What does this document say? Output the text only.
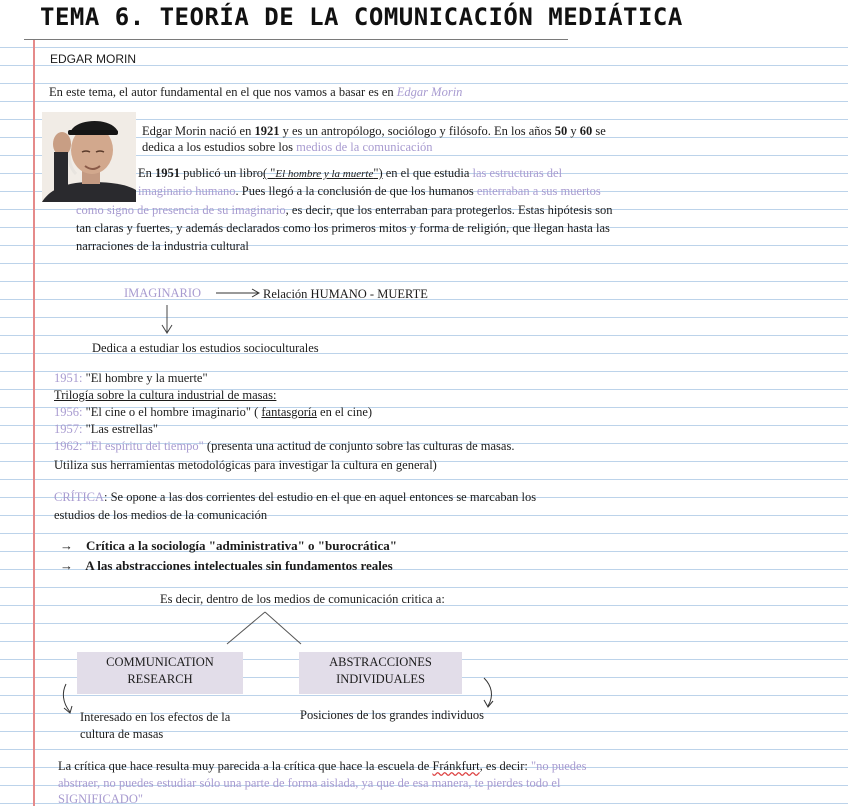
TEMA 6. TEORÍA DE LA COMUNICACIÓN MEDIÁTICA
EDGAR MORIN
En este tema, el autor fundamental en el que nos vamos a basar es en Edgar Morin
Edgar Morin nació en 1921 y es un antropólogo, sociólogo y filósofo. En los años 50 y 60 se
dedica a los estudios sobre los medios de la comunicación
En 1951 publicó un libro( "El hombre y la muerte") en el que estudia las estructuras del
imaginario humano. Pues llegó a la conclusión de que los humanos enterraban a sus muertos
como signo de presencia de su imaginario, es decir, que los enterraban para protegerlos. Estas hipótesis son
tan claras y fuertes, y además declarados como los primeros mitos y forma de religión, que llegan hasta las
narraciones de la industria cultural
IMAGINARIO	Relación HUMANO - MUERTE
Dedica a estudiar los estudios socioculturales
1951: "El hombre y la muerte"
Trilogía sobre la cultura industrial de masas:
1956: "El cine o el hombre imaginario" ( fantasgoría en el cine)
1957: "Las estrellas"
1962: "El espíritu del tiempo" (presenta una actitud de conjunto sobre las culturas de masas.
Utiliza sus herramientas metodológicas para investigar la cultura en general)
CRÍTICA: Se opone a las dos corrientes del estudio en el que en aquel entonces se marcaban los
estudios de los medios de la comunicación
→ Crítica a la sociología "administrativa" o "burocrática"
→ A las abstracciones intelectuales sin fundamentos reales
Es decir, dentro de los medios de comunicación critica a:
COMMUNICATION
RESEARCH
ABSTRACCIONES
INDIVIDUALES
Interesado en los efectos de la
cultura de masas
Posiciones de los grandes individuos
La crítica que hace resulta muy parecida a la crítica que hace la escuela de Fránkfurt, es decir: "no puedes
abstraer, no puedes estudiar sólo una parte de forma aislada, ya que de esa manera, te pierdes todo el
SIGNIFICADO"
